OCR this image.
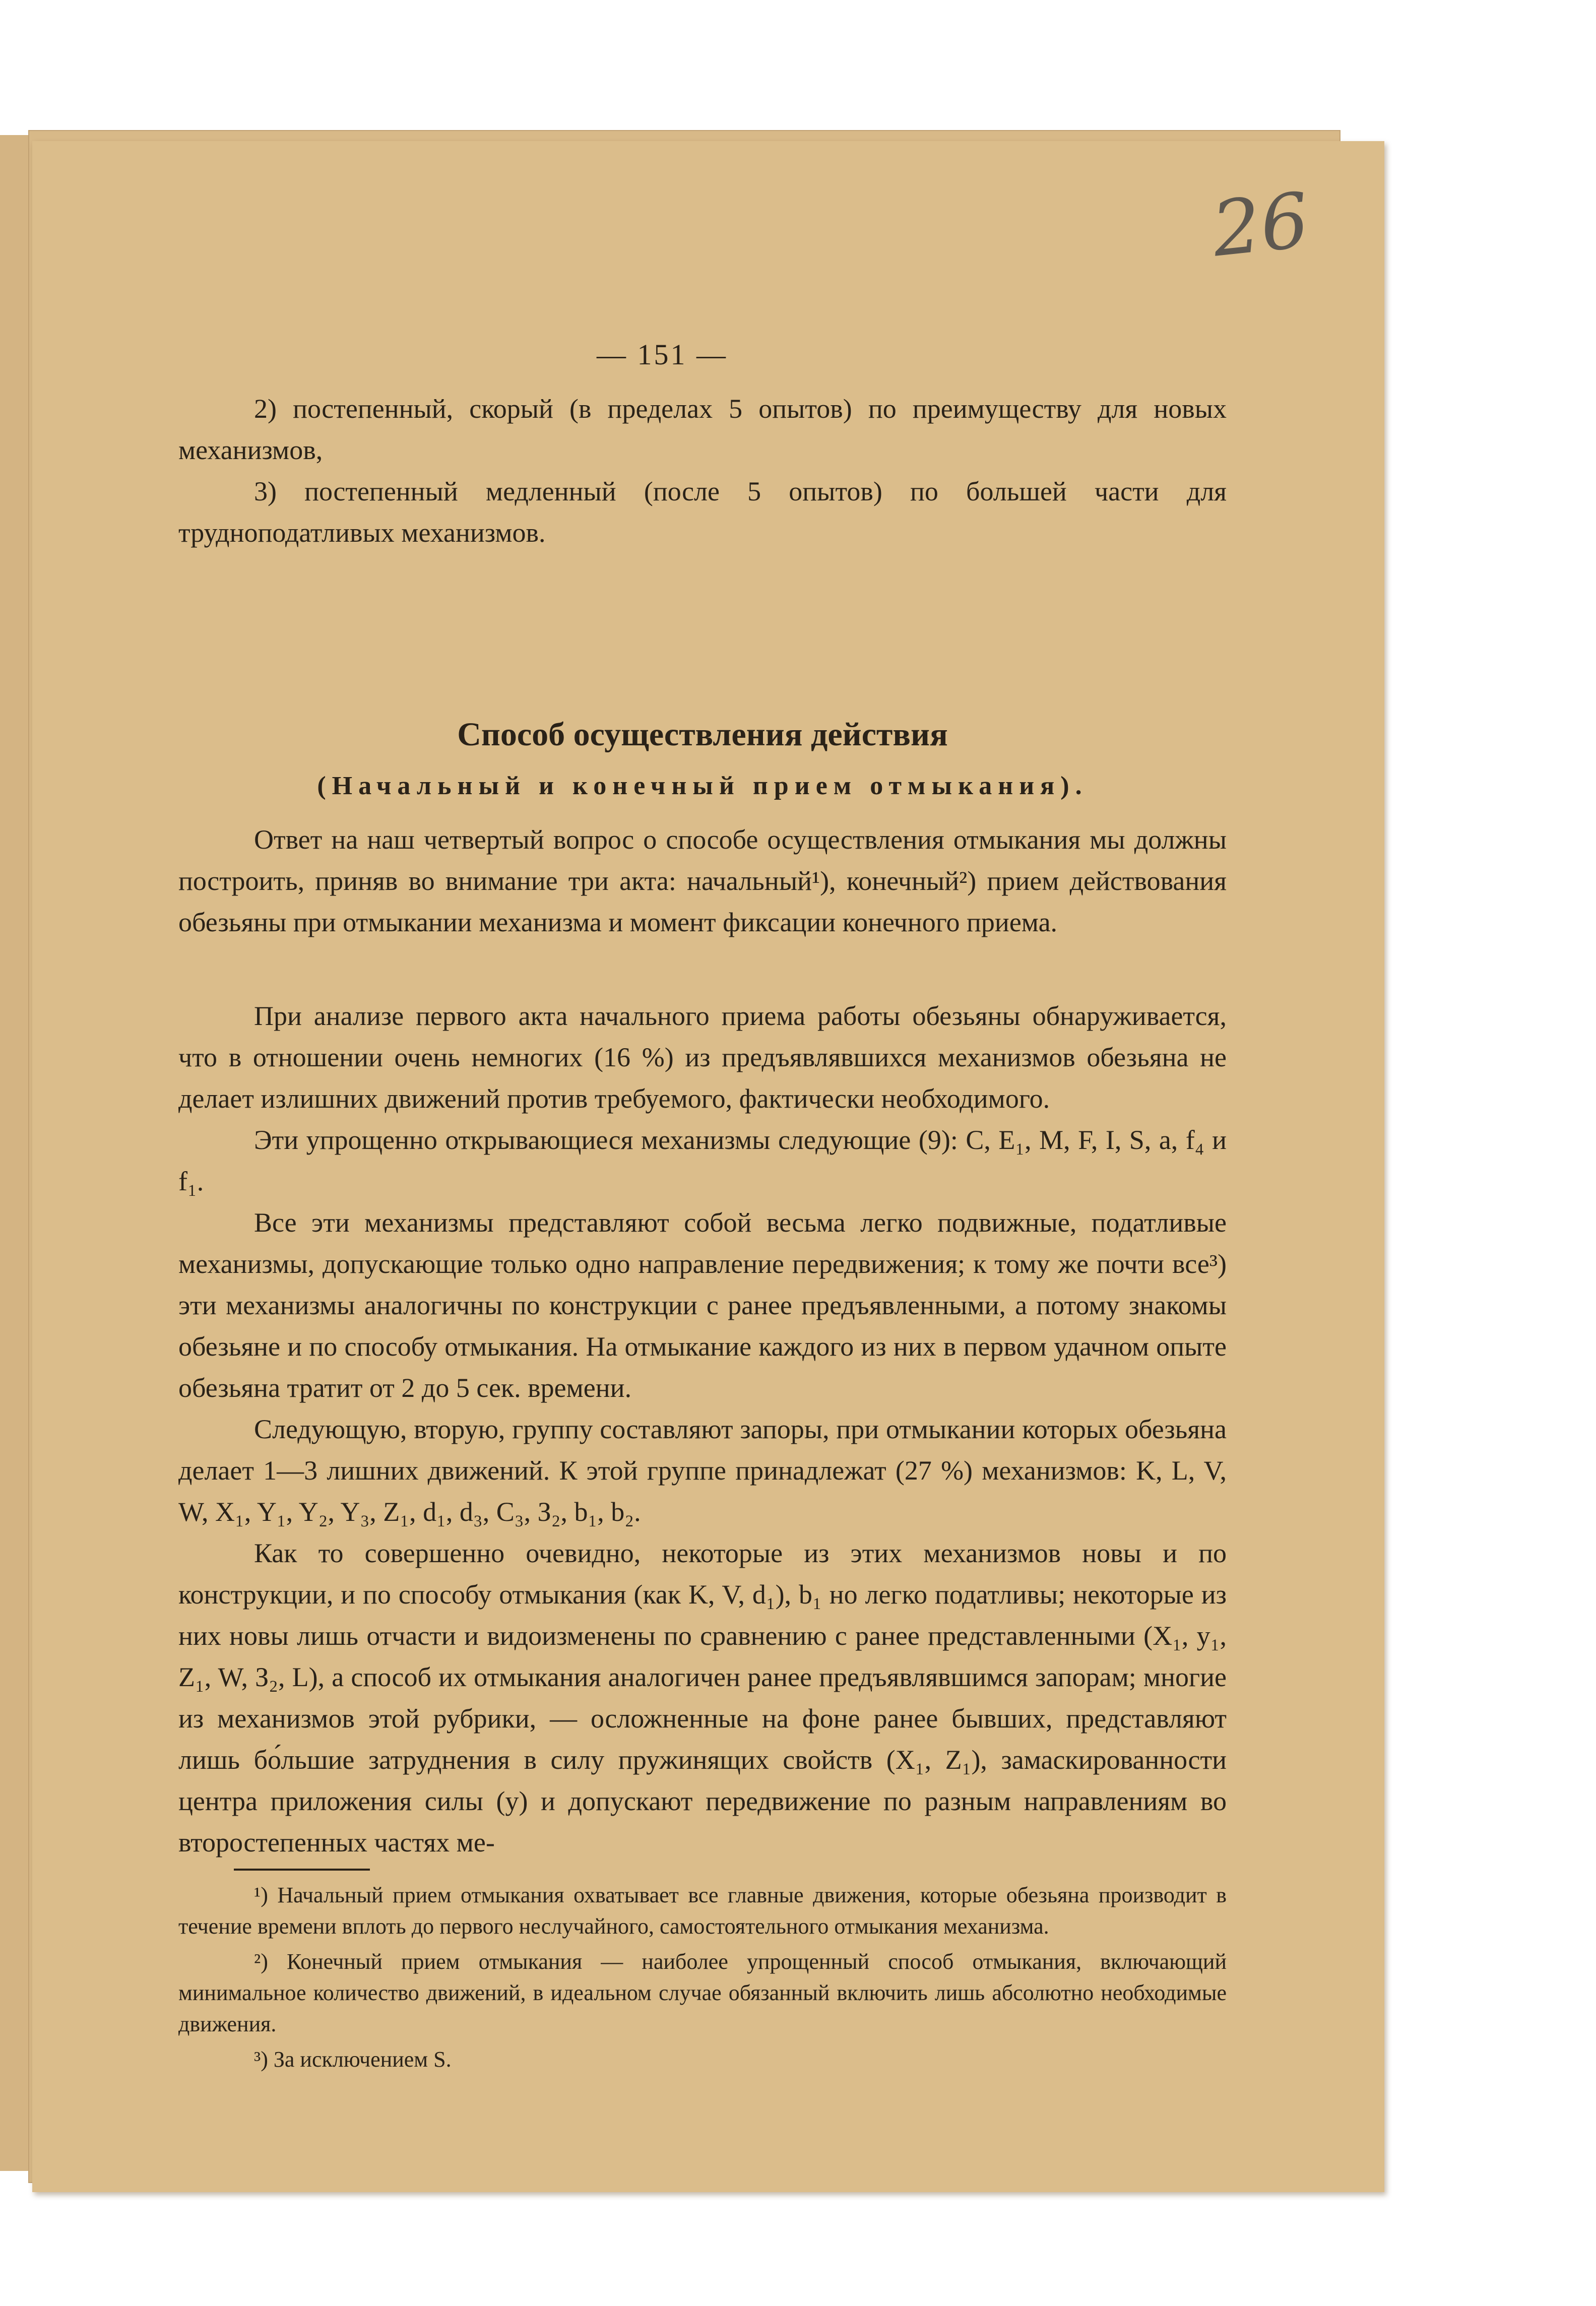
26
— 151 —

2) постепенный, скорый (в пределах 5 опытов) по преимуществу для новых механизмов,

3) постепенный медленный (после 5 опытов) по большей части для трудноподатливых механизмов.

Способ осуществления действия
(Начальный и конечный прием отмыкания).

Ответ на наш четвертый вопрос о способе осуществления отмыкания мы должны построить, приняв во внимание три акта: начальный¹), конечный²) прием действования обезьяны при отмыкании механизма и момент фиксации конечного приема.

При анализе первого акта начального приема работы обезьяны обнаруживается, что в отношении очень немногих (16 %) из предъявлявшихся механизмов обезьяна не делает излишних движений против требуемого, фактически необходимого.

Эти упрощенно открывающиеся механизмы следующие (9): C, E₁, M, F, I, S, a, f₄ и f₁.

Все эти механизмы представляют собой весьма легко подвижные, податливые механизмы, допускающие только одно направление передвижения; к тому же почти все³) эти механизмы аналогичны по конструкции с ранее предъявленными, а потому знакомы обезьяне и по способу отмыкания. На отмыкание каждого из них в первом удачном опыте обезьяна тратит от 2 до 5 сек. времени.

Следующую, вторую, группу составляют запоры, при отмыкании которых обезьяна делает 1—3 лишних движений. К этой группе принадлежат (27 %) механизмов: K, L, V, W, X₁, Y₁, Y₂, Y₃, Z₁, d₁, d₃, C₃, З₂, b₁, b₂.

Как то совершенно очевидно, некоторые из этих механизмов новы и по конструкции, и по способу отмыкания (как K, V, d₁), b₁ но легко податливы; некоторые из них новы лишь отчасти и видоизменены по сравнению с ранее представленными (X₁, y₁, Z₁, W, З₂, L), а способ их отмыкания аналогичен ранее предъявлявшимся запорам; многие из механизмов этой рубрики, — осложненные на фоне ранее бывших, представляют лишь бо́льшие затруднения в силу пружинящих свойств (X₁, Z₁), замаскированности центра приложения силы (y) и допускают передвижение по разным направлениям во второстепенных частях ме-

¹) Начальный прием отмыкания охватывает все главные движения, которые обезьяна производит в течение времени вплоть до первого неслучайного, самостоятельного отмыкания механизма.

²) Конечный прием отмыкания — наиболее упрощенный способ отмыкания, включающий минимальное количество движений, в идеальном случае обязанный включить лишь абсолютно необходимые движения.

³) За исключением S.
